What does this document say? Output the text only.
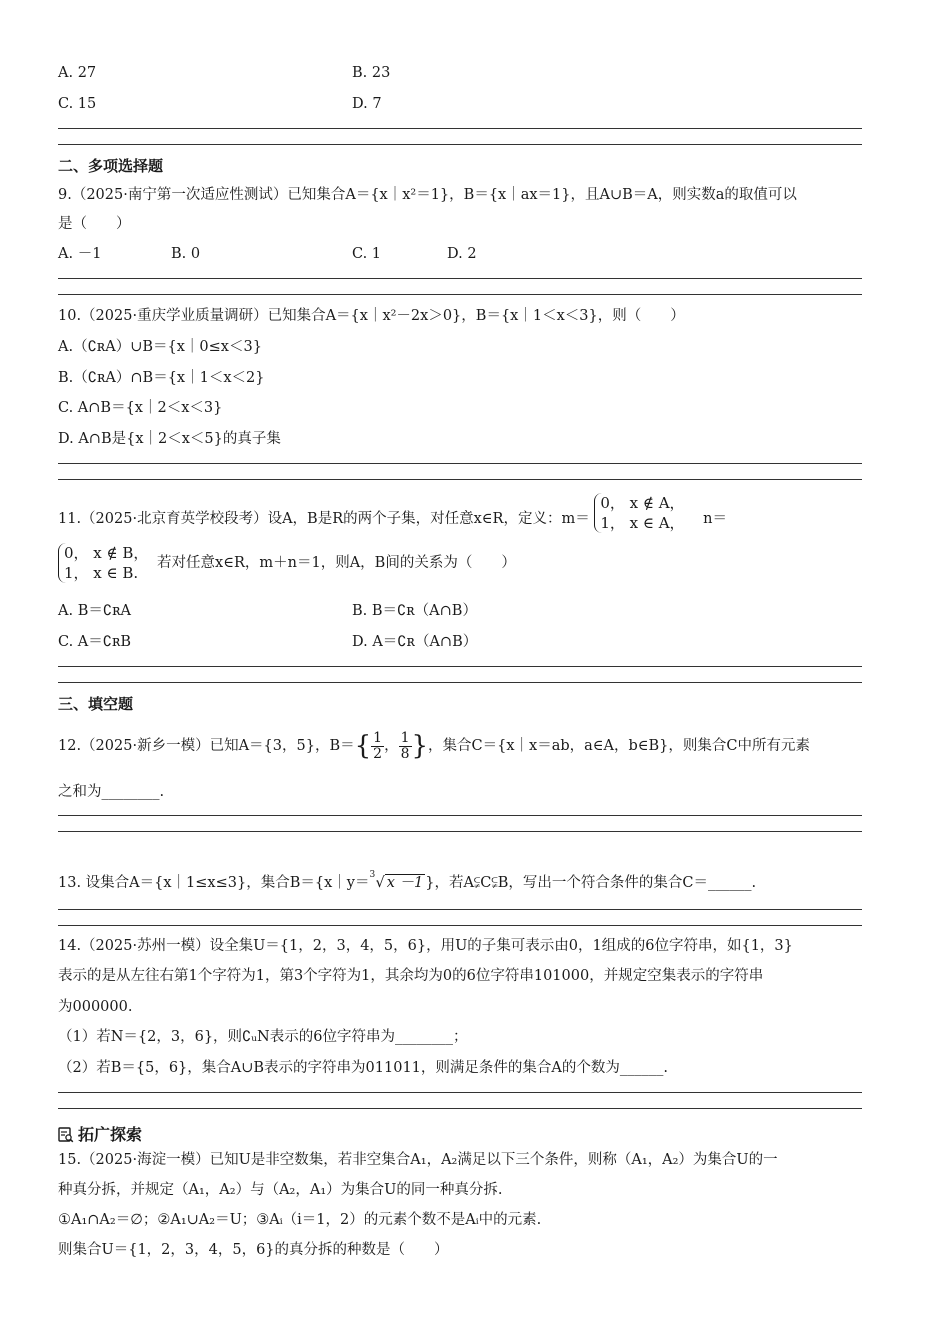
A. 27	B. 23
C. 15	D. 7
二、多项选择题
9.（2025·南宁第一次适应性测试）已知集合A＝{x｜x²＝1}，B＝{x｜ax＝1}，且A∪B＝A，则实数a的取值可以
是（　　）
A. －1	B. 0	C. 1	D. 2
10.（2025·重庆学业质量调研）已知集合A＝{x｜x²－2x＞0}，B＝{x｜1＜x＜3}，则（　　）
A.（∁ʀA）∪B＝{x｜0≤x＜3}
B.（∁ʀA）∩B＝{x｜1＜x＜2}
C. A∩B＝{x｜2＜x＜3}
D. A∩B是{x｜2＜x＜5}的真子集
11.（2025·北京育英学校段考）设A，B是R的两个子集，对任意x∈R，定义：m＝
0， x ∉ A，
1， x ∈ A， n＝
0， x ∉ B，
1， x ∈ B.
若对任意x∈R，m＋n＝1，则A，B间的关系为（　　）
A. B＝∁ʀA	B. B＝∁ʀ（A∩B）
C. A＝∁ʀB	D. A＝∁ʀ（A∩B）
三、填空题
12.（2025·新乡一模）已知A＝{3，5}，$B=\{ \frac{1}{2}$ ， $\frac{1}{8}$ }，集合C＝{x｜x＝ab，a∈A，b∈B}，则集合C中所有元素
之和为________.
13. 设集合A＝{x｜1≤x≤3}，集合B＝{x｜y＝ 3 √ x －1 }，若A⫋C⫋B，写出一个符合条件的集合C＝______.
14.（2025·苏州一模）设全集U＝{1，2，3，4，5，6}，用U的子集可表示由0，1组成的6位字符串，如{1，3}
表示的是从左往右第1个字符为1，第3个字符为1，其余均为0的6位字符串101000，并规定空集表示的字符串
为000000.
（1）若N＝{2，3，6}，则∁ᵤN表示的6位字符串为________；
（2）若B＝{5，6}，集合A∪B表示的字符串为011011，则满足条件的集合A的个数为______.
拓广探索
15.（2025·海淀一模）已知U是非空数集，若非空集合A₁，A₂满足以下三个条件，则称（A₁，A₂）为集合U的一
种真分拆，并规定（A₁，A₂）与（A₂，A₁）为集合U的同一种真分拆.
①A₁∩A₂＝∅；②A₁∪A₂＝U；③Aᵢ（i＝1，2）的元素个数不是Aᵢ中的元素.
则集合U＝{1，2，3，4，5，6}的真分拆的种数是（　　）
